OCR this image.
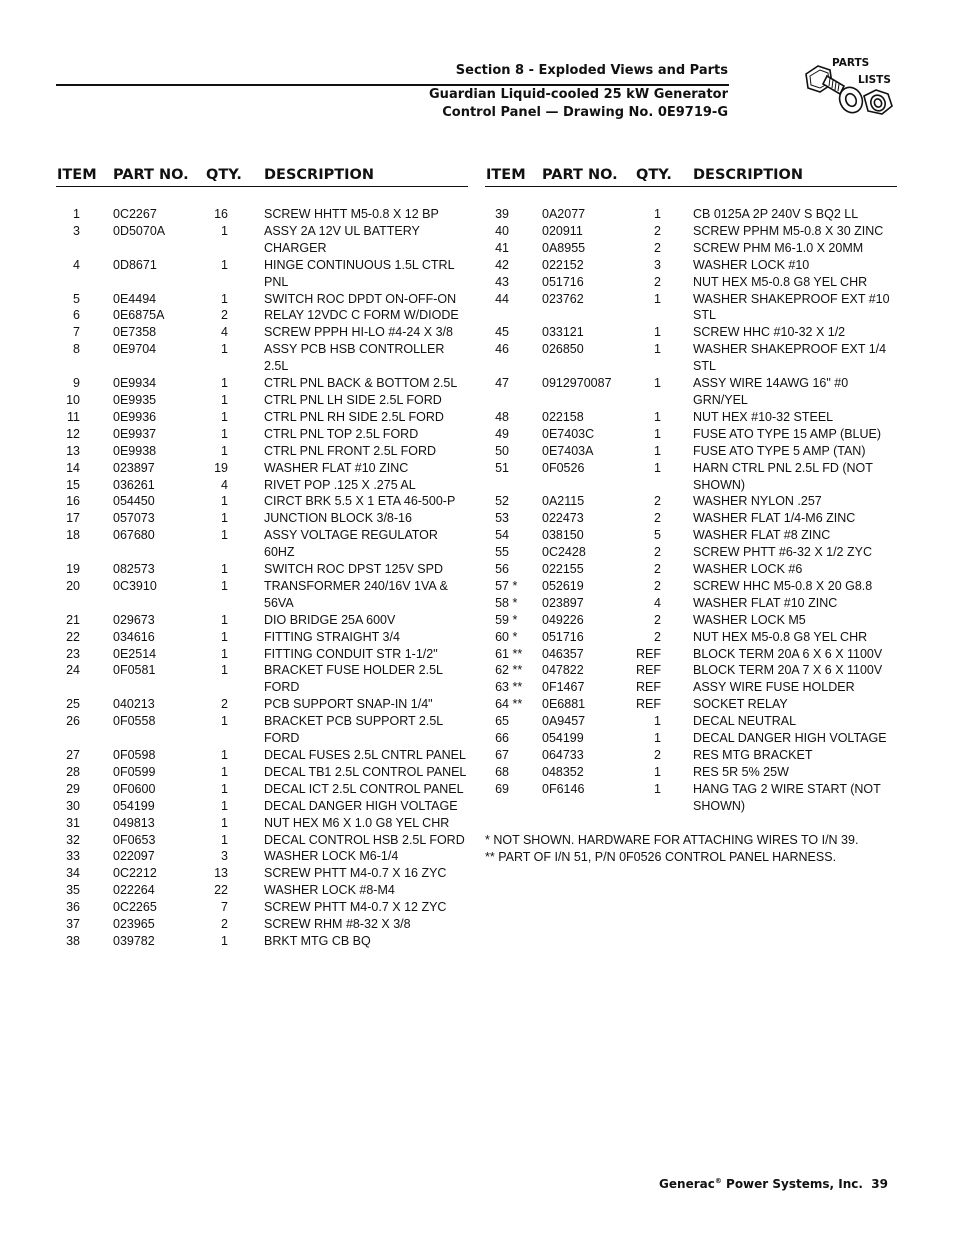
Section 8 - Exploded Views and Parts
Guardian Liquid-cooled 25 kW Generator
Control Panel — Drawing No. 0E9719-G
PARTS
LISTS
ITEM PART NO. QTY. DESCRIPTION
1	0C2267	16	SCREW HHTT M5-0.8 X 12 BP
3	0D5070A	1	ASSY 2A 12V UL BATTERY CHARGER
4	0D8671	1	HINGE CONTINUOUS 1.5L CTRL PNL
5	0E4494	1	SWITCH ROC DPDT ON-OFF-ON
6	0E6875A	2	RELAY 12VDC C FORM W/DIODE
7	0E7358	4	SCREW PPPH HI-LO #4-24 X 3/8
8	0E9704	1	ASSY PCB HSB CONTROLLER 2.5L
9	0E9934	1	CTRL PNL BACK & BOTTOM 2.5L
10	0E9935	1	CTRL PNL LH SIDE 2.5L FORD
11	0E9936	1	CTRL PNL RH SIDE 2.5L FORD
12	0E9937	1	CTRL PNL TOP 2.5L FORD
13	0E9938	1	CTRL PNL FRONT 2.5L FORD
14	023897	19	WASHER FLAT #10 ZINC
15	036261	4	RIVET POP .125 X .275 AL
16	054450	1	CIRCT BRK 5.5 X 1 ETA 46-500-P
17	057073	1	JUNCTION BLOCK 3/8-16
18	067680	1	ASSY VOLTAGE REGULATOR 60HZ
19	082573	1	SWITCH ROC DPST 125V SPD
20	0C3910	1	TRANSFORMER 240/16V 1VA & 56VA
21	029673	1	DIO BRIDGE 25A 600V
22	034616	1	FITTING STRAIGHT 3/4
23	0E2514	1	FITTING CONDUIT STR 1-1/2"
24	0F0581	1	BRACKET FUSE HOLDER 2.5L FORD
25	040213	2	PCB SUPPORT SNAP-IN 1/4"
26	0F0558	1	BRACKET PCB SUPPORT 2.5L FORD
27	0F0598	1	DECAL FUSES 2.5L CNTRL PANEL
28	0F0599	1	DECAL TB1 2.5L CONTROL PANEL
29	0F0600	1	DECAL ICT 2.5L CONTROL PANEL
30	054199	1	DECAL DANGER HIGH VOLTAGE
31	049813	1	NUT HEX M6 X 1.0 G8 YEL CHR
32	0F0653	1	DECAL CONTROL HSB 2.5L FORD
33	022097	3	WASHER LOCK M6-1/4
34	0C2212	13	SCREW PHTT M4-0.7 X 16 ZYC
35	022264	22	WASHER LOCK #8-M4
36	0C2265	7	SCREW PHTT M4-0.7 X 12 ZYC
37	023965	2	SCREW RHM #8-32 X 3/8
38	039782	1	BRKT MTG CB BQ
ITEM PART NO. QTY. DESCRIPTION
39	0A2077	1	CB 0125A 2P 240V S BQ2 LL
40	020911	2	SCREW PPHM M5-0.8 X 30 ZINC
41	0A8955	2	SCREW PHM M6-1.0 X 20MM
42	022152	3	WASHER LOCK #10
43	051716	2	NUT HEX M5-0.8 G8 YEL CHR
44	023762	1	WASHER SHAKEPROOF EXT #10 STL
45	033121	1	SCREW HHC #10-32 X 1/2
46	026850	1	WASHER SHAKEPROOF EXT 1/4 STL
47	0912970087	1	ASSY WIRE 14AWG 16" #0 GRN/YEL
48	022158	1	NUT HEX #10-32 STEEL
49	0E7403C	1	FUSE ATO TYPE 15 AMP (BLUE)
50	0E7403A	1	FUSE ATO TYPE 5 AMP (TAN)
51	0F0526	1	HARN CTRL PNL 2.5L FD (NOT SHOWN)
52	0A2115	2	WASHER NYLON .257
53	022473	2	WASHER FLAT 1/4-M6 ZINC
54	038150	5	WASHER FLAT #8 ZINC
55	0C2428	2	SCREW PHTT #6-32 X 1/2 ZYC
56	022155	2	WASHER LOCK #6
57 * 052619	2	SCREW HHC M5-0.8 X 20 G8.8
58 * 023897	4	WASHER FLAT #10 ZINC
59 * 049226	2	WASHER LOCK M5
60 * 051716	2	NUT HEX M5-0.8 G8 YEL CHR
61 ** 046357	REF	BLOCK TERM 20A 6 X 6 X 1100V
62 ** 047822	REF	BLOCK TERM 20A 7 X 6 X 1100V
63 ** 0F1467	REF	ASSY WIRE FUSE HOLDER
64 ** 0E6881	REF	SOCKET RELAY
65	0A9457	1	DECAL NEUTRAL
66	054199	1	DECAL DANGER HIGH VOLTAGE
67	064733	2	RES MTG BRACKET
68	048352	1	RES 5R 5% 25W
69	0F6146	1	HANG TAG 2 WIRE START (NOT SHOWN)
* NOT SHOWN. HARDWARE FOR ATTACHING WIRES TO I/N 39.
** PART OF I/N 51, P/N 0F0526 CONTROL PANEL HARNESS.
Generac® Power Systems, Inc. 39
